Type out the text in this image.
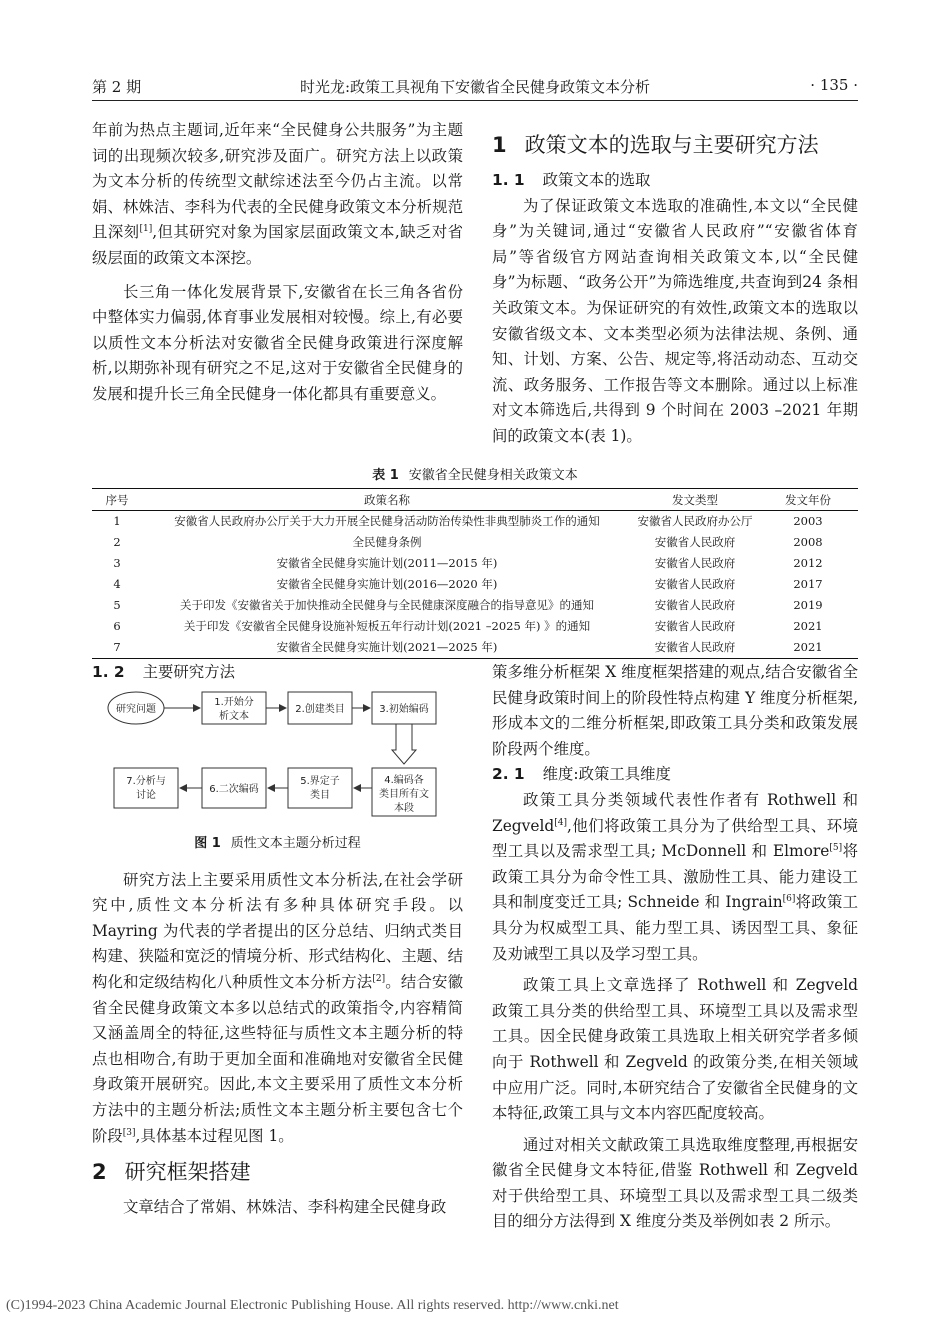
第 2 期	时光龙:政策工具视角下安徽省全民健身政策文本分析	· 135 ·

年前为热点主题词,近年来“全民健身公共服务”为主题词的出现频次较多,研究涉及面广。研究方法上以政策为文本分析的传统型文献综述法至今仍占主流。以常娟、林姝洁、李科为代表的全民健身政策文本分析规范且深刻[1],但其研究对象为国家层面政策文本,缺乏对省级层面的政策文本深挖。

长三角一体化发展背景下,安徽省在长三角各省份中整体实力偏弱,体育事业发展相对较慢。综上,有必要以质性文本分析法对安徽省全民健身政策进行深度解析,以期弥补现有研究之不足,这对于安徽省全民健身的发展和提升长三角全民健身一体化都具有重要意义。

1 政策文本的选取与主要研究方法
1. 1 政策文本的选取

为了保证政策文本选取的准确性,本文以“全民健身”为关键词,通过“安徽省人民政府”“安徽省体育局”等省级官方网站查询相关政策文本,以“全民健身”为标题、“政务公开”为筛选维度,共查询到24 条相关政策文本。为保证研究的有效性,政策文本的选取以安徽省级文本、文本类型必须为法律法规、条例、通知、计划、方案、公告、规定等,将活动动态、互动交流、政务服务、工作报告等文本删除。通过以上标准对文本筛选后,共得到 9 个时间在 2003 –2021 年期间的政策文本(表 1)。

表 1 安徽省全民健身相关政策文本
序号	政策名称	发文类型	发文年份
1	安徽省人民政府办公厅关于大力开展全民健身活动防治传染性非典型肺炎工作的通知	安徽省人民政府办公厅	2003
2	全民健身条例	安徽省人民政府	2008
3	安徽省全民健身实施计划(2011—2015 年)	安徽省人民政府	2012
4	安徽省全民健身实施计划(2016—2020 年)	安徽省人民政府	2017
5	关于印发《安徽省关于加快推动全民健身与全民健康深度融合的指导意见》的通知	安徽省人民政府	2019
6	关于印发《安徽省全民健身设施补短板五年行动计划(2021 –2025 年) 》的通知	安徽省人民政府	2021
7	安徽省全民健身实施计划(2021—2025 年)	安徽省人民政府	2021
1. 2 主要研究方法

研究方法上主要采用质性文本分析法,在社会学研究中,质性文本分析法有多种具体研究手段。以 Mayring 为代表的学者提出的区分总结、归纳式类目构建、狭隘和宽泛的情境分析、形式结构化、主题、结构化和定级结构化八种质性文本分析方法[2]。结合安徽省全民健身政策文本多以总结式的政策指令,内容精简又涵盖周全的特征,这些特征与质性文本主题分析的特点也相吻合,有助于更加全面和准确地对安徽省全民健身政策开展研究。因此,本文主要采用了质性文本分析方法中的主题分析法;质性文本主题分析主要包含七个阶段[3],具体基本过程见图 1。

2 研究框架搭建

文章结合了常娟、林姝洁、李科构建全民健身政

研究问题
1.开始分
析文本
2.创建类目	3.初始编码
4.编码各
类目所有文
本段
5.界定子
类目
6.二次编码
7.分析与
讨论
图 1 质性文本主题分析过程

策多维分析框架 X 维度框架搭建的观点,结合安徽省全民健身政策时间上的阶段性特点构建 Y 维度分析框架,形成本文的二维分析框架,即政策工具分类和政策发展阶段两个维度。

2. 1 维度:政策工具维度

政策工具分类领域代表性作者有 Rothwell 和 Zegveld[4],他们将政策工具分为了供给型工具、环境型工具以及需求型工具; McDonnell 和 Elmore[5]将政策工具分为命令性工具、激励性工具、能力建设工具和制度变迁工具; Schneide 和 Ingrain[6]将政策工具分为权威型工具、能力型工具、诱因型工具、象征及劝诫型工具以及学习型工具。

政策工具上文章选择了 Rothwell 和 Zegveld 政策工具分类的供给型工具、环境型工具以及需求型工具。因全民健身政策工具选取上相关研究学者多倾向于 Rothwell 和 Zegveld 的政策分类,在相关领域中应用广泛。同时,本研究结合了安徽省全民健身的文本特征,政策工具与文本内容匹配度较高。

通过对相关文献政策工具选取维度整理,再根据安徽省全民健身文本特征,借鉴 Rothwell 和 Zegveld 对于供给型工具、环境型工具以及需求型工具二级类目的细分方法得到 X 维度分类及举例如表 2 所示。

(C)1994-2023 China Academic Journal Electronic Publishing House. All rights reserved. http://www.cnki.net
